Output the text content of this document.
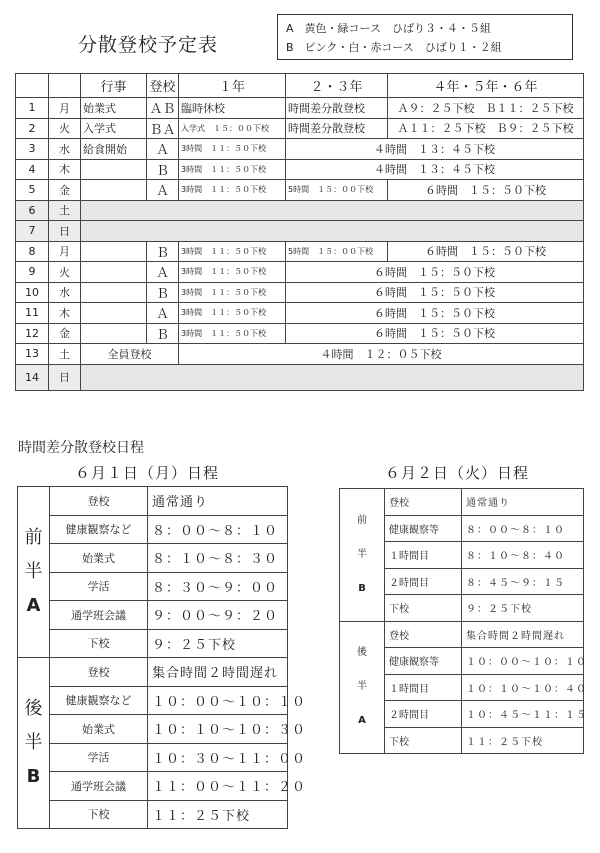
分散登校予定表
A　黄色・緑コース　ひばり３・４・５組
B　ピンク・白・赤コース　ひばり１・２組
		行事	登校	１年	２・３年	４年・５年・６年
1	月	始業式	ＡＢ	臨時休校	時間差分散登校	Ａ９：２５下校　Ｂ１１：２５下校
2	火	入学式	ＢＡ	入学式　１５：００下校	時間差分散登校	Ａ１１：２５下校　Ｂ９：２５下校
3	水	給食開始	Ａ	3時間　１１：５０下校	４時間　１３：４５下校	
4	木		Ｂ	3時間　１１：５０下校	４時間　１３：４５下校	
5	金		Ａ	3時間　１１：５０下校	5時間　１５：００下校	６時間　１５：５０下校
6	土					
7	日					
8	月		Ｂ	3時間　１１：５０下校	5時間　１５：００下校	６時間　１５：５０下校
9	火		Ａ	3時間　１１：５０下校	６時間　１５：５０下校	
10	水		Ｂ	3時間　１１：５０下校	６時間　１５：５０下校	
11	木		Ａ	3時間　１１：５０下校	６時間　１５：５０下校	
12	金		Ｂ	3時間　１１：５０下校	６時間　１５：５０下校	
13	土	全員登校		４時間　１２：０５下校		
14	日					
時間差分散登校日程
６月１日（月）日程	６月２日（火）日程
前
半
A	登校	通常通り
	健康観察など	８：００～８：１０
	始業式	８：１０～８：３０
	学活	８：３０～９：００
	通学班会議	９：００～９：２０
	下校	９：２５下校

後
半
B	登校	集合時間２時間遅れ
	健康観察など	１０：００～１０：１０
	始業式	１０：１０～１０：３０
	学活	１０：３０～１１：００
	通学班会議	１１：００～１１：２０
	下校	１１：２５下校
前
半
B	登校	通常通り
	健康観察等	８：００～８：１０
	１時間目	８：１０～８：４０
	２時間目	８：４５～９：１５
	下校	９：２５下校

後
半
A	登校	集合時間２時間遅れ
	健康観察等	１０：００～１０：１０
	１時間目	１０：１０～１０：４０
	２時間目	１０：４５～１１：１５
	下校	１１：２５下校
